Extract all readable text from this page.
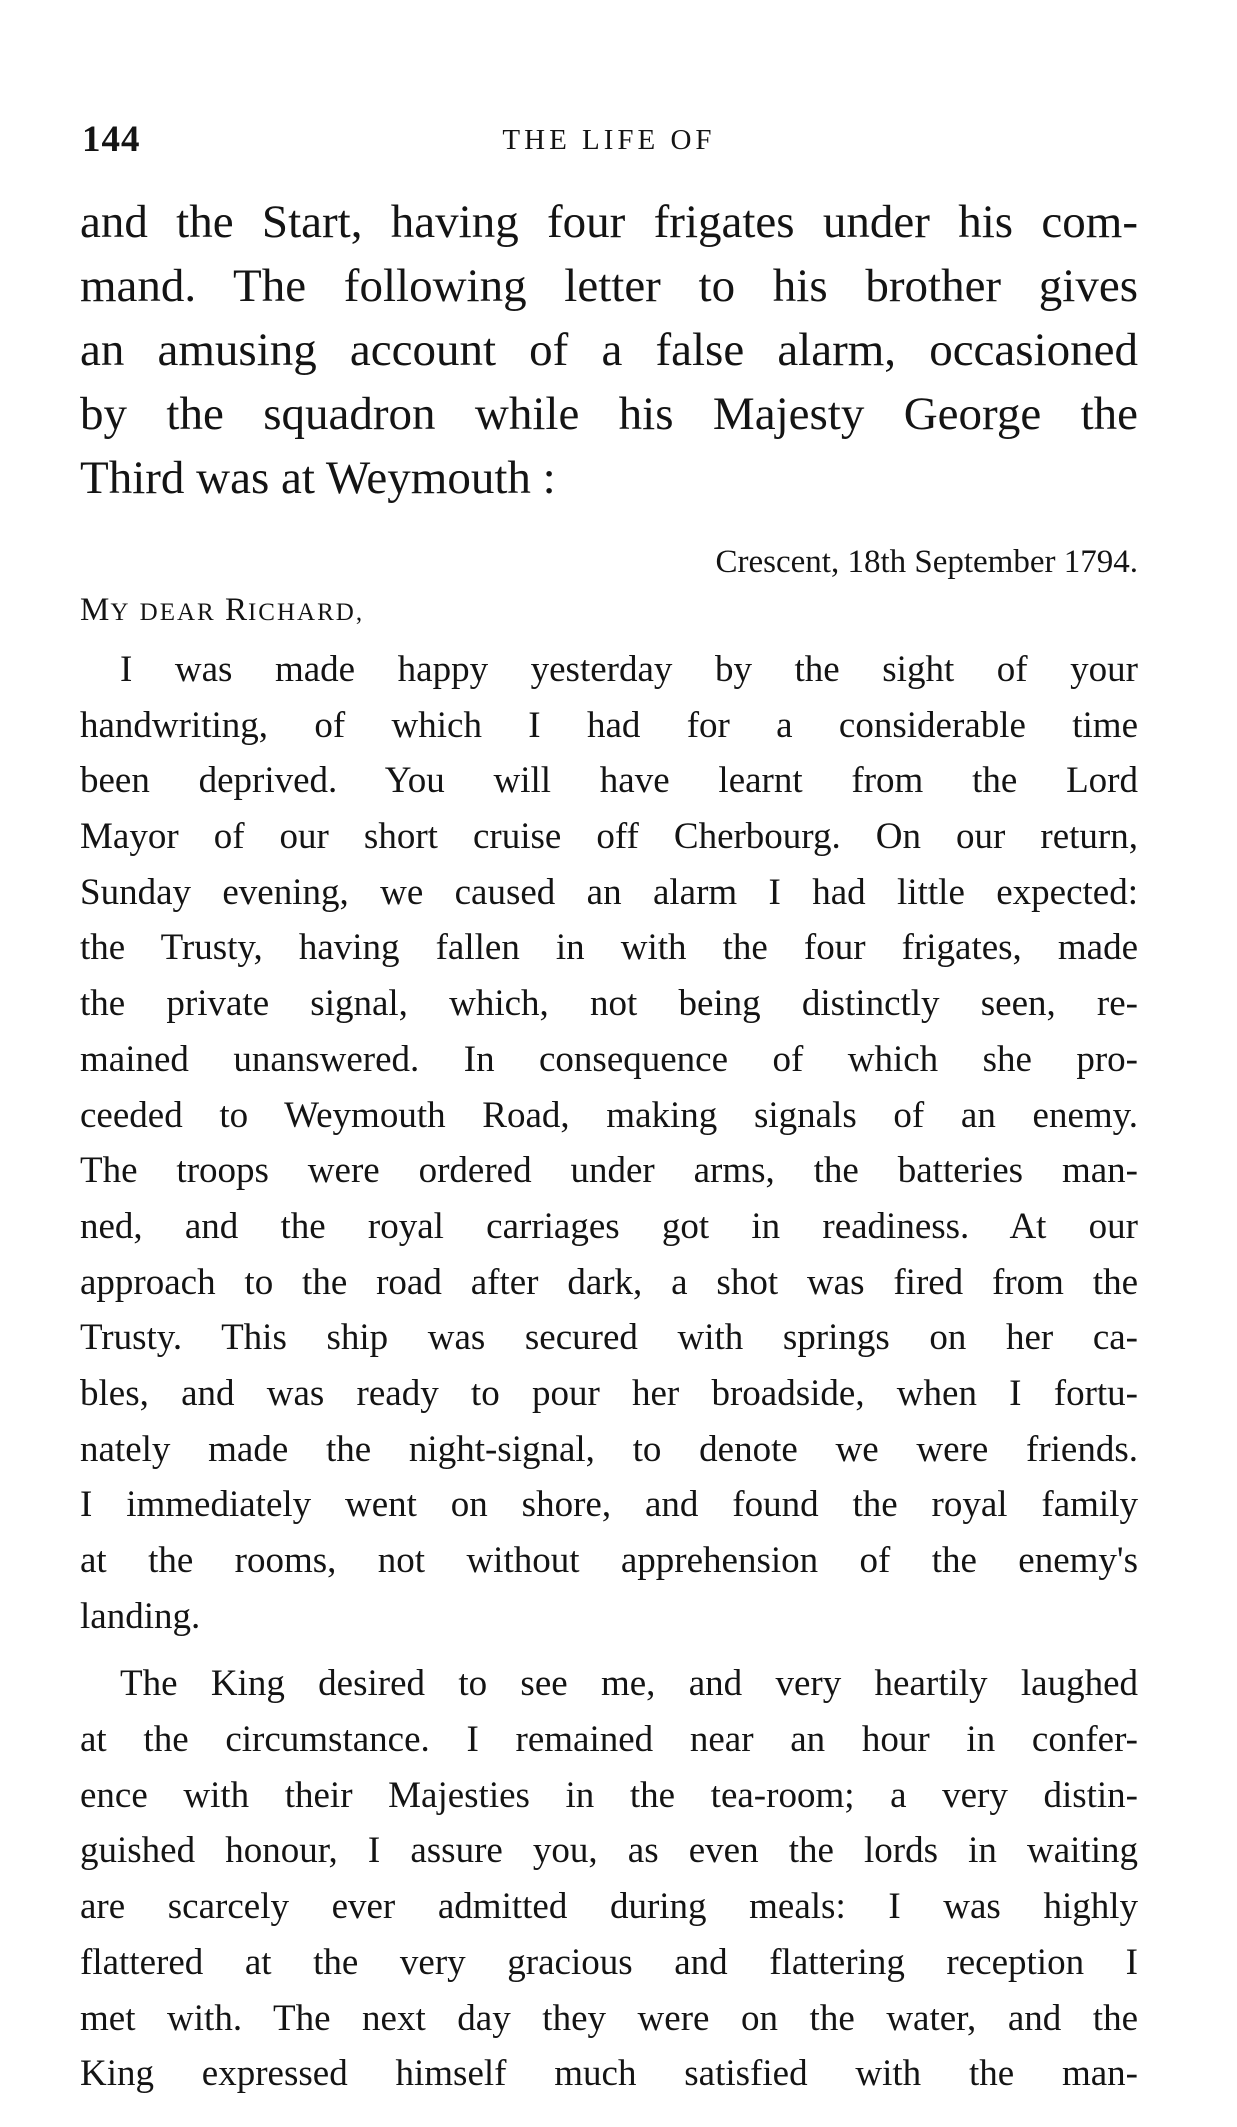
144	THE LIFE OF
and the Start, having four frigates under his com-
mand. The following letter to his brother gives
an amusing account of a false alarm, occasioned
by the squadron while his Majesty George the
Third was at Weymouth :
Crescent, 18th September 1794.
MY DEAR RICHARD,
I was made happy yesterday by the sight of your
handwriting, of which I had for a considerable time
been deprived. You will have learnt from the Lord
Mayor of our short cruise off Cherbourg. On our return,
Sunday evening, we caused an alarm I had little expected:
the Trusty, having fallen in with the four frigates, made
the private signal, which, not being distinctly seen, re-
mained unanswered. In consequence of which she pro-
ceeded to Weymouth Road, making signals of an enemy.
The troops were ordered under arms, the batteries man-
ned, and the royal carriages got in readiness. At our
approach to the road after dark, a shot was fired from the
Trusty. This ship was secured with springs on her ca-
bles, and was ready to pour her broadside, when I fortu-
nately made the night-signal, to denote we were friends.
I immediately went on shore, and found the royal family
at the rooms, not without apprehension of the enemy's
landing.
The King desired to see me, and very heartily laughed
at the circumstance. I remained near an hour in confer-
ence with their Majesties in the tea-room; a very distin-
guished honour, I assure you, as even the lords in waiting
are scarcely ever admitted during meals: I was highly
flattered at the very gracious and flattering reception I
met with. The next day they were on the water, and the
King expressed himself much satisfied with the man-
